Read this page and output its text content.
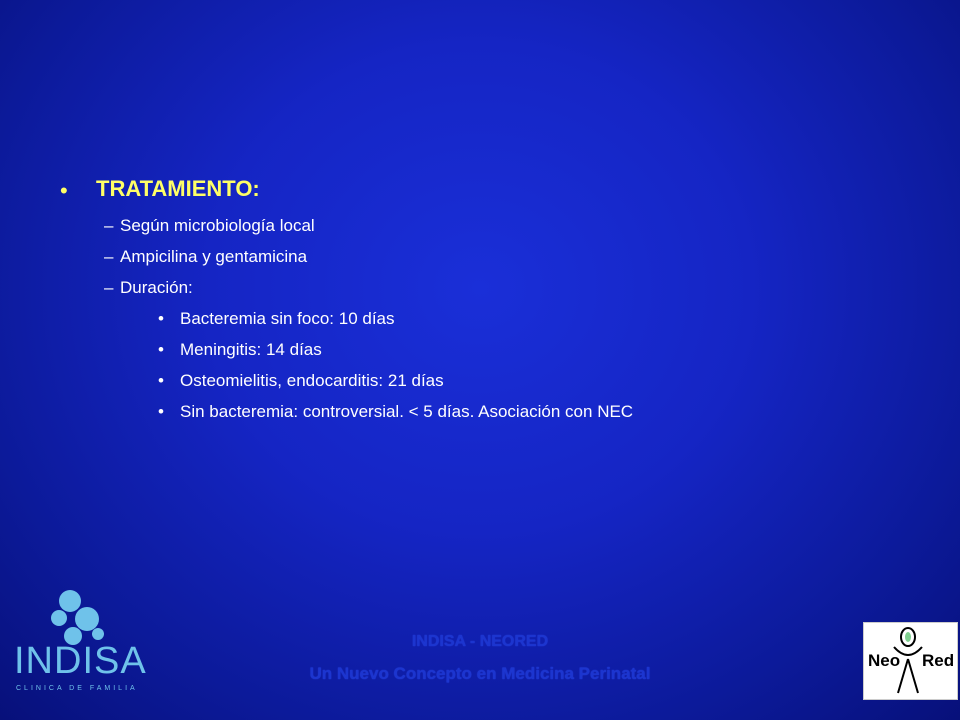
• TRATAMIENTO:
– Según microbiología local
– Ampicilina y gentamicina
– Duración:
• Bacteremia sin foco: 10 días
• Meningitis: 14 días
• Osteomielitis, endocarditis: 21 días
• Sin bacteremia: controversial. < 5 días. Asociación con NEC
INDISA
CLINICA DE FAMILIA
INDISA - NEORED
Un Nuevo Concepto en Medicina Perinatal
Neo Red
